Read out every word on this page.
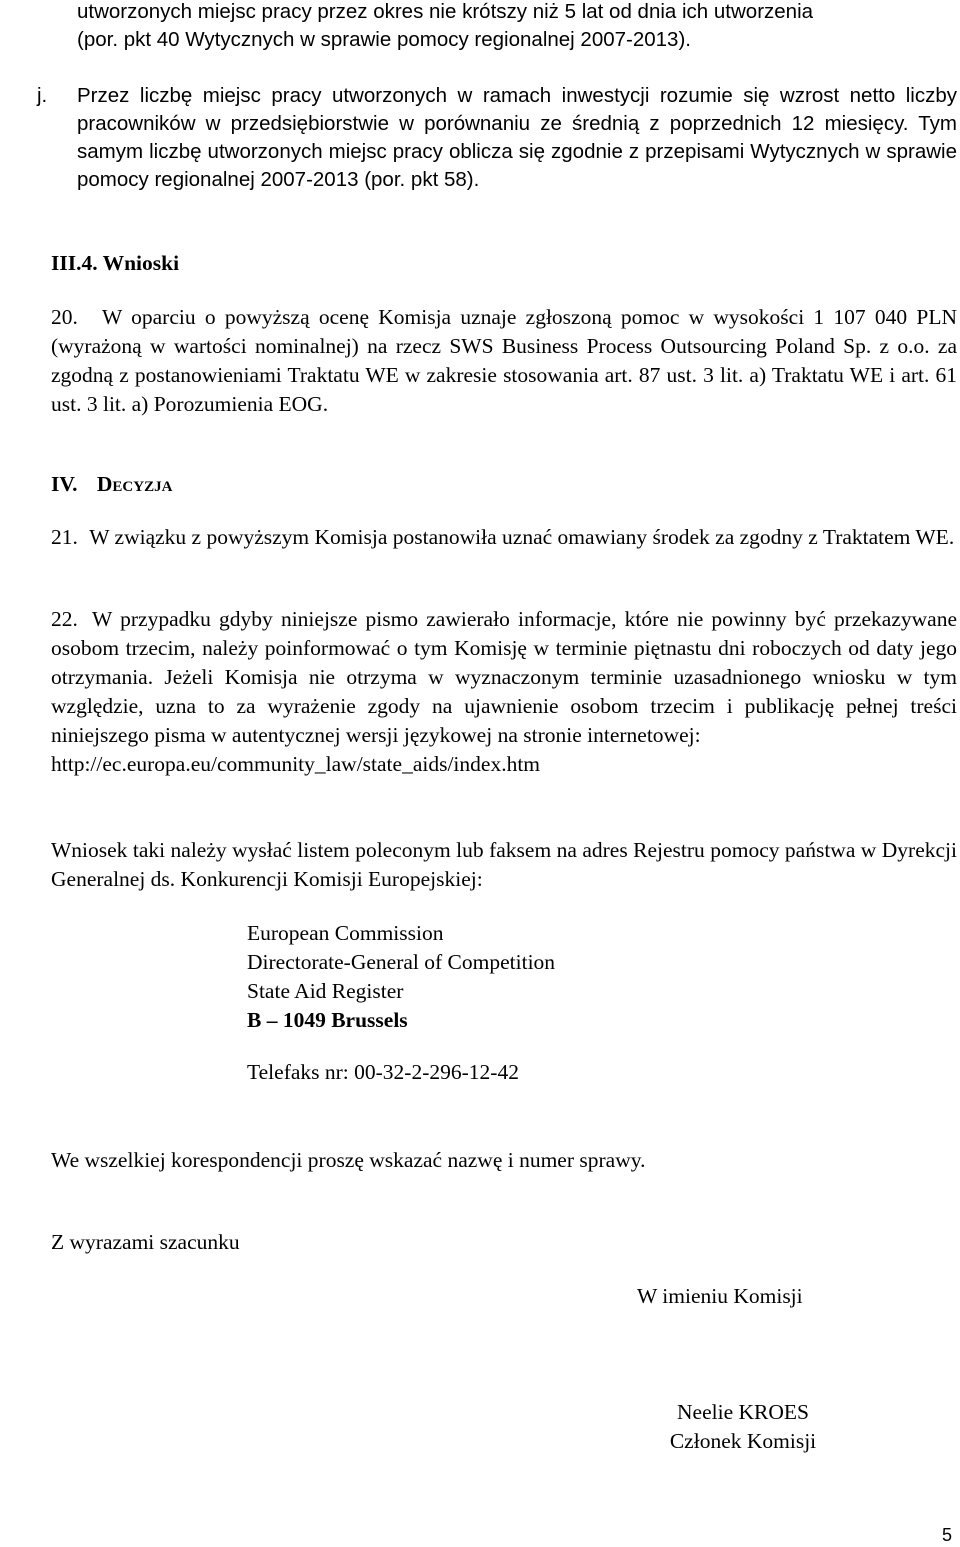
utworzonych miejsc pracy przez okres nie krótszy niż 5 lat od dnia ich utworzenia
(por. pkt 40 Wytycznych w sprawie pomocy regionalnej 2007-2013).
j. Przez liczbę miejsc pracy utworzonych w ramach inwestycji rozumie się wzrost netto liczby pracowników w przedsiębiorstwie w porównaniu ze średnią z poprzednich 12 miesięcy. Tym samym liczbę utworzonych miejsc pracy oblicza się zgodnie z przepisami Wytycznych w sprawie pomocy regionalnej 2007-2013 (por. pkt 58).
III.4. Wnioski
20.	W oparciu o powyższą ocenę Komisja uznaje zgłoszoną pomoc w wysokości 1 107 040 PLN (wyrażoną w wartości nominalnej) na rzecz SWS Business Process Outsourcing Poland Sp. z o.o. za zgodną z postanowieniami Traktatu WE w zakresie stosowania art. 87 ust. 3 lit. a) Traktatu WE i art. 61 ust. 3 lit. a) Porozumienia EOG.
IV. Decyzja
21. W związku z powyższym Komisja postanowiła uznać omawiany środek za zgodny z Traktatem WE.
22. W przypadku gdyby niniejsze pismo zawierało informacje, które nie powinny być przekazywane osobom trzecim, należy poinformować o tym Komisję w terminie piętnastu dni roboczych od daty jego otrzymania. Jeżeli Komisja nie otrzyma w wyznaczonym terminie uzasadnionego wniosku w tym względzie, uzna to za wyrażenie zgody na ujawnienie osobom trzecim i publikację pełnej treści niniejszego pisma w autentycznej wersji językowej na stronie internetowej:
http://ec.europa.eu/community_law/state_aids/index.htm
Wniosek taki należy wysłać listem poleconym lub faksem na adres Rejestru pomocy państwa w Dyrekcji Generalnej ds. Konkurencji Komisji Europejskiej:
European Commission
Directorate-General of Competition
State Aid Register
B – 1049 Brussels
Telefaks nr: 00-32-2-296-12-42
We wszelkiej korespondencji proszę wskazać nazwę i numer sprawy.
Z wyrazami szacunku
W imieniu Komisji
Neelie KROES
Członek Komisji
5
